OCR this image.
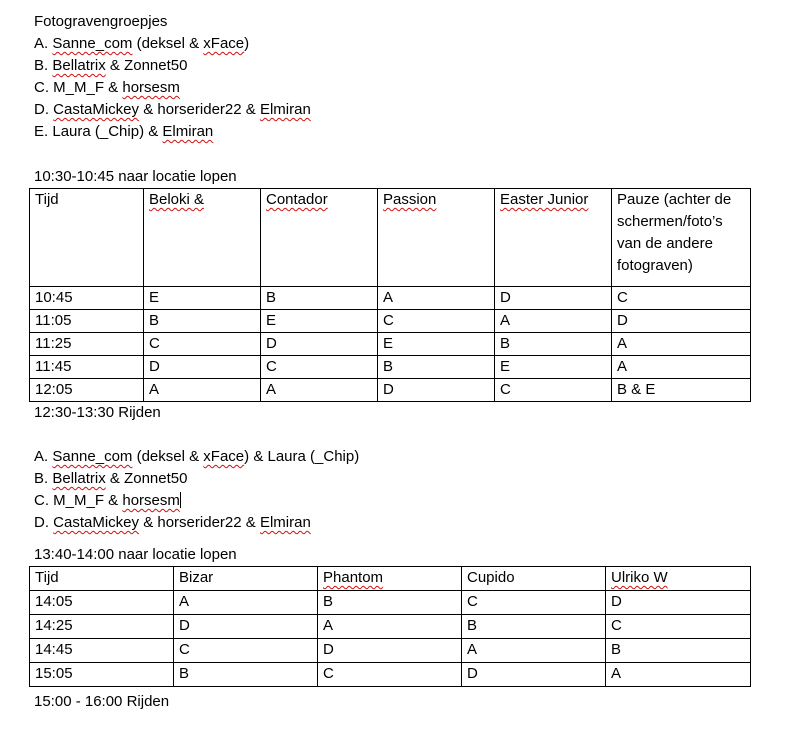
Fotogravengroepjes
A. Sanne_com (deksel & xFace)
B. Bellatrix & Zonnet50
C. M_M_F & horsesm
D. CastaMickey & horserider22 & Elmiran
E. Laura (_Chip) & Elmiran
10:30-10:45 naar locatie lopen
Tijd	Beloki &	Contador	Passion	Easter Junior	Pauze (achter de schermen/foto’s van de andere fotograven)
10:45	E	B	A	D	C
11:05	B	E	C	A	D
11:25	C	D	E	B	A
11:45	D	C	B	E	A
12:05	A	A	D	C	B & E
12:30-13:30 Rijden
A. Sanne_com (deksel & xFace) & Laura (_Chip)
B. Bellatrix & Zonnet50
C. M_M_F & horsesm
D. CastaMickey & horserider22 & Elmiran
13:40-14:00 naar locatie lopen
Tijd	Bizar	Phantom	Cupido	Ulriko W
14:05	A	B	C	D
14:25	D	A	B	C
14:45	C	D	A	B
15:05	B	C	D	A
15:00 - 16:00 Rijden
